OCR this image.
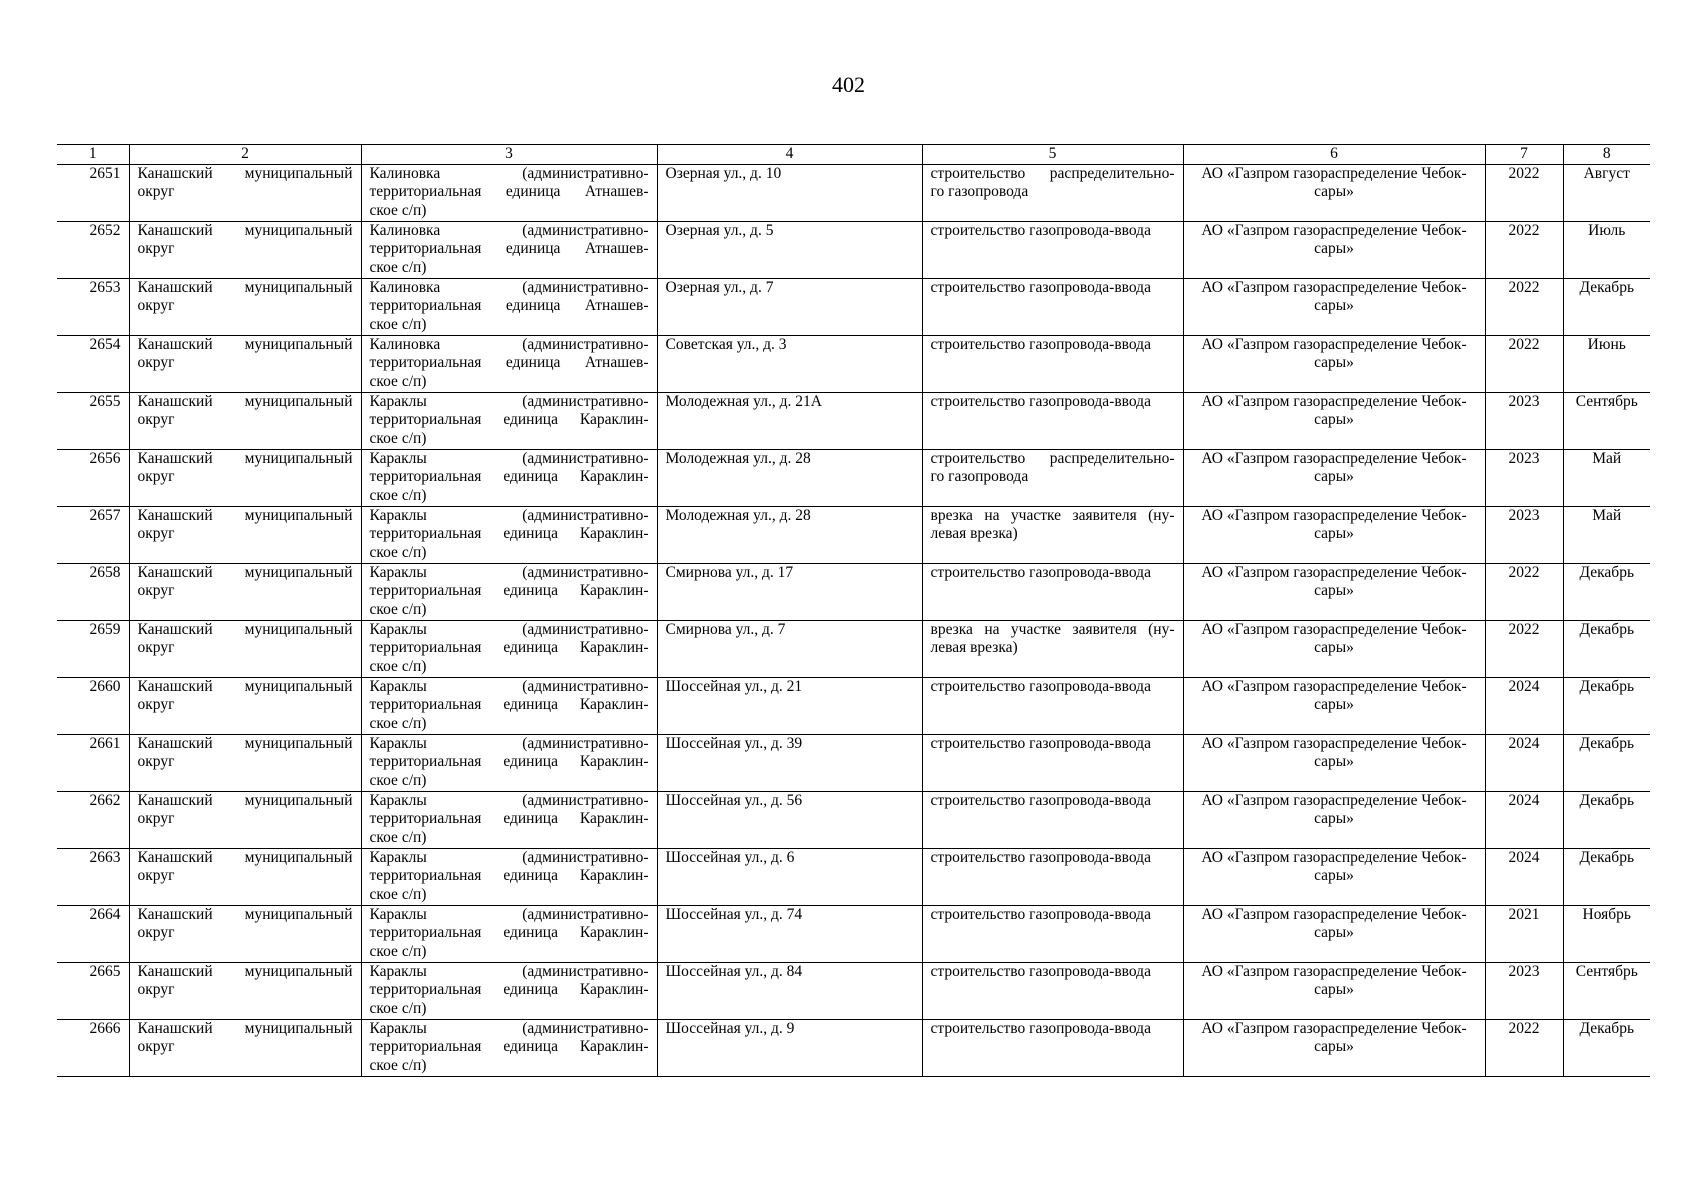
402
1	2	3	4	5	6	7	8
2651	Канашский муниципальный
округ	Калиновка (административно-
территориальная единица Атнашев-
ское с/п)	Озерная ул., д. 10	строительство распределительно-
го газопровода	АО «Газпром газораспределение Чебок-
сары»	2022	Август
2652	Канашский муниципальный
округ	Калиновка (административно-
территориальная единица Атнашев-
ское с/п)	Озерная ул., д. 5	строительство газопровода-ввода	АО «Газпром газораспределение Чебок-
сары»	2022	Июль
2653	Канашский муниципальный
округ	Калиновка (административно-
территориальная единица Атнашев-
ское с/п)	Озерная ул., д. 7	строительство газопровода-ввода	АО «Газпром газораспределение Чебок-
сары»	2022	Декабрь
2654	Канашский муниципальный
округ	Калиновка (административно-
территориальная единица Атнашев-
ское с/п)	Советская ул., д. 3	строительство газопровода-ввода	АО «Газпром газораспределение Чебок-
сары»	2022	Июнь
2655	Канашский муниципальный
округ	Караклы (административно-
территориальная единица Караклин-
ское с/п)	Молодежная ул., д. 21А	строительство газопровода-ввода	АО «Газпром газораспределение Чебок-
сары»	2023	Сентябрь
2656	Канашский муниципальный
округ	Караклы (административно-
территориальная единица Караклин-
ское с/п)	Молодежная ул., д. 28	строительство распределительно-
го газопровода	АО «Газпром газораспределение Чебок-
сары»	2023	Май
2657	Канашский муниципальный
округ	Караклы (административно-
территориальная единица Караклин-
ское с/п)	Молодежная ул., д. 28	врезка на участке заявителя (ну-
левая врезка)	АО «Газпром газораспределение Чебок-
сары»	2023	Май
2658	Канашский муниципальный
округ	Караклы (административно-
территориальная единица Караклин-
ское с/п)	Смирнова ул., д. 17	строительство газопровода-ввода	АО «Газпром газораспределение Чебок-
сары»	2022	Декабрь
2659	Канашский муниципальный
округ	Караклы (административно-
территориальная единица Караклин-
ское с/п)	Смирнова ул., д. 7	врезка на участке заявителя (ну-
левая врезка)	АО «Газпром газораспределение Чебок-
сары»	2022	Декабрь
2660	Канашский муниципальный
округ	Караклы (административно-
территориальная единица Караклин-
ское с/п)	Шоссейная ул., д. 21	строительство газопровода-ввода	АО «Газпром газораспределение Чебок-
сары»	2024	Декабрь
2661	Канашский муниципальный
округ	Караклы (административно-
территориальная единица Караклин-
ское с/п)	Шоссейная ул., д. 39	строительство газопровода-ввода	АО «Газпром газораспределение Чебок-
сары»	2024	Декабрь
2662	Канашский муниципальный
округ	Караклы (административно-
территориальная единица Караклин-
ское с/п)	Шоссейная ул., д. 56	строительство газопровода-ввода	АО «Газпром газораспределение Чебок-
сары»	2024	Декабрь
2663	Канашский муниципальный
округ	Караклы (административно-
территориальная единица Караклин-
ское с/п)	Шоссейная ул., д. 6	строительство газопровода-ввода	АО «Газпром газораспределение Чебок-
сары»	2024	Декабрь
2664	Канашский муниципальный
округ	Караклы (административно-
территориальная единица Караклин-
ское с/п)	Шоссейная ул., д. 74	строительство газопровода-ввода	АО «Газпром газораспределение Чебок-
сары»	2021	Ноябрь
2665	Канашский муниципальный
округ	Караклы (административно-
территориальная единица Караклин-
ское с/п)	Шоссейная ул., д. 84	строительство газопровода-ввода	АО «Газпром газораспределение Чебок-
сары»	2023	Сентябрь
2666	Канашский муниципальный
округ	Караклы (административно-
территориальная единица Караклин-
ское с/п)	Шоссейная ул., д. 9	строительство газопровода-ввода	АО «Газпром газораспределение Чебок-
сары»	2022	Декабрь
